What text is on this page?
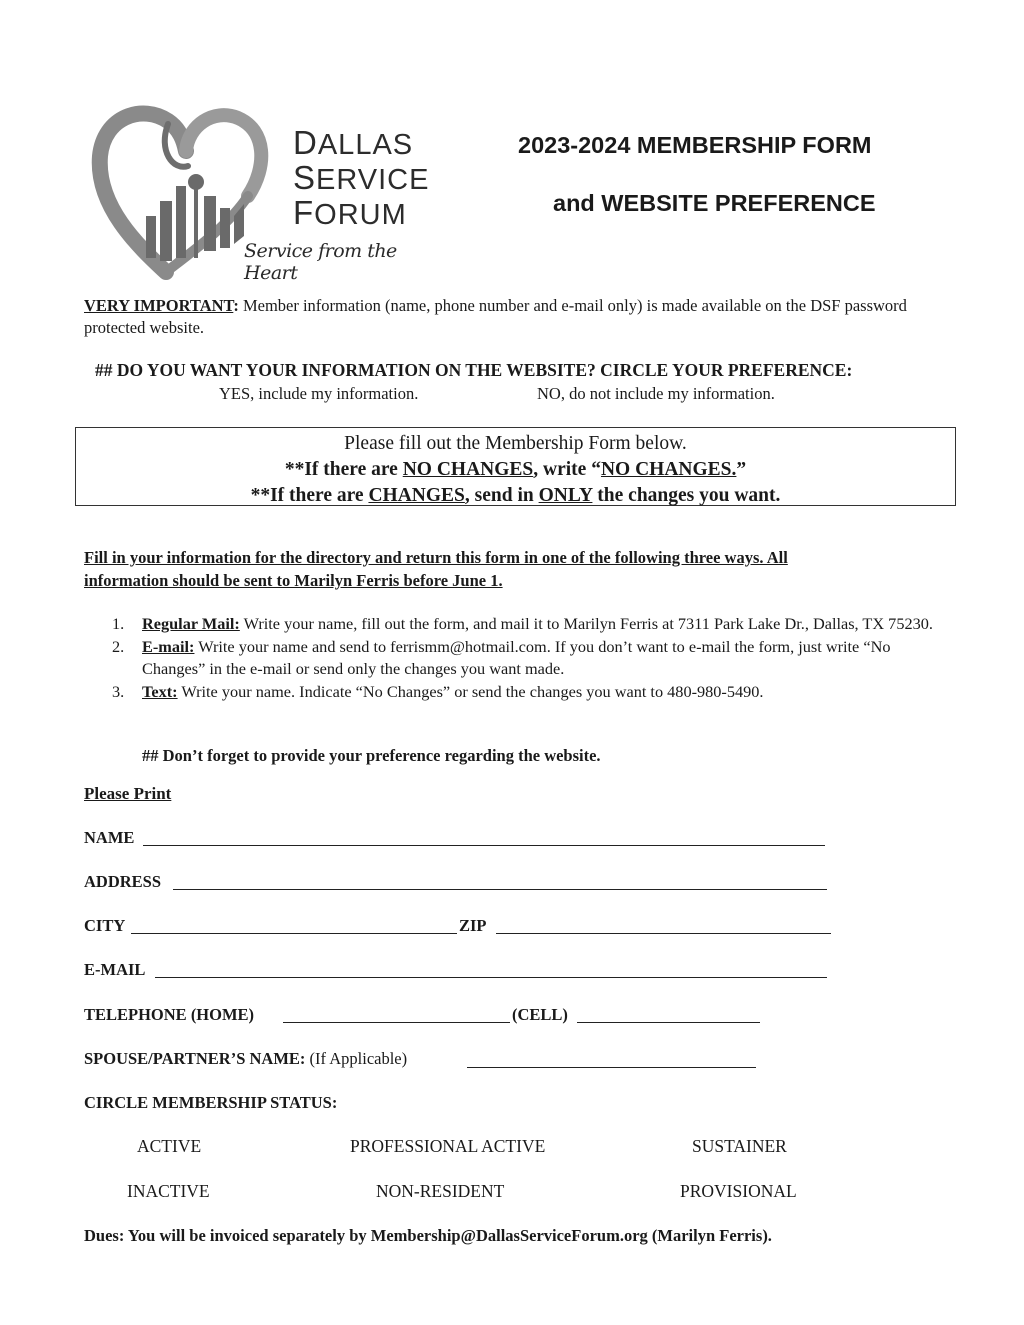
DALLAS
SERVICE
FORUM
Service from the Heart
2023-2024 MEMBERSHIP FORM
and WEBSITE PREFERENCE
VERY IMPORTANT: Member information (name, phone number and e-mail only) is made available on the DSF password protected website.
## DO YOU WANT YOUR INFORMATION ON THE WEBSITE? CIRCLE YOUR PREFERENCE:
YES, include my information.	NO, do not include my information.
Please fill out the Membership Form below.
**If there are NO CHANGES, write “NO CHANGES.”
**If there are CHANGES, send in ONLY the changes you want.
Fill in your information for the directory and return this form in one of the following three ways. All
information should be sent to Marilyn Ferris before June 1.
1. Regular Mail: Write your name, fill out the form, and mail it to Marilyn Ferris at 7311 Park Lake Dr., Dallas, TX 75230.
2. E-mail: Write your name and send to ferrismm@hotmail.com. If you don’t want to e-mail the form, just write “No Changes” in the e-mail or send only the changes you want made.
3. Text: Write your name. Indicate “No Changes” or send the changes you want to 480-980-5490.
## Don’t forget to provide your preference regarding the website.
Please Print
NAME
ADDRESS
CITY	ZIP
E-MAIL
TELEPHONE (HOME)	(CELL)
SPOUSE/PARTNER’S NAME: (If Applicable)
CIRCLE MEMBERSHIP STATUS:
ACTIVE	PROFESSIONAL ACTIVE	SUSTAINER
INACTIVE	NON-RESIDENT	PROVISIONAL
Dues: You will be invoiced separately by Membership@DallasServiceForum.org (Marilyn Ferris).
